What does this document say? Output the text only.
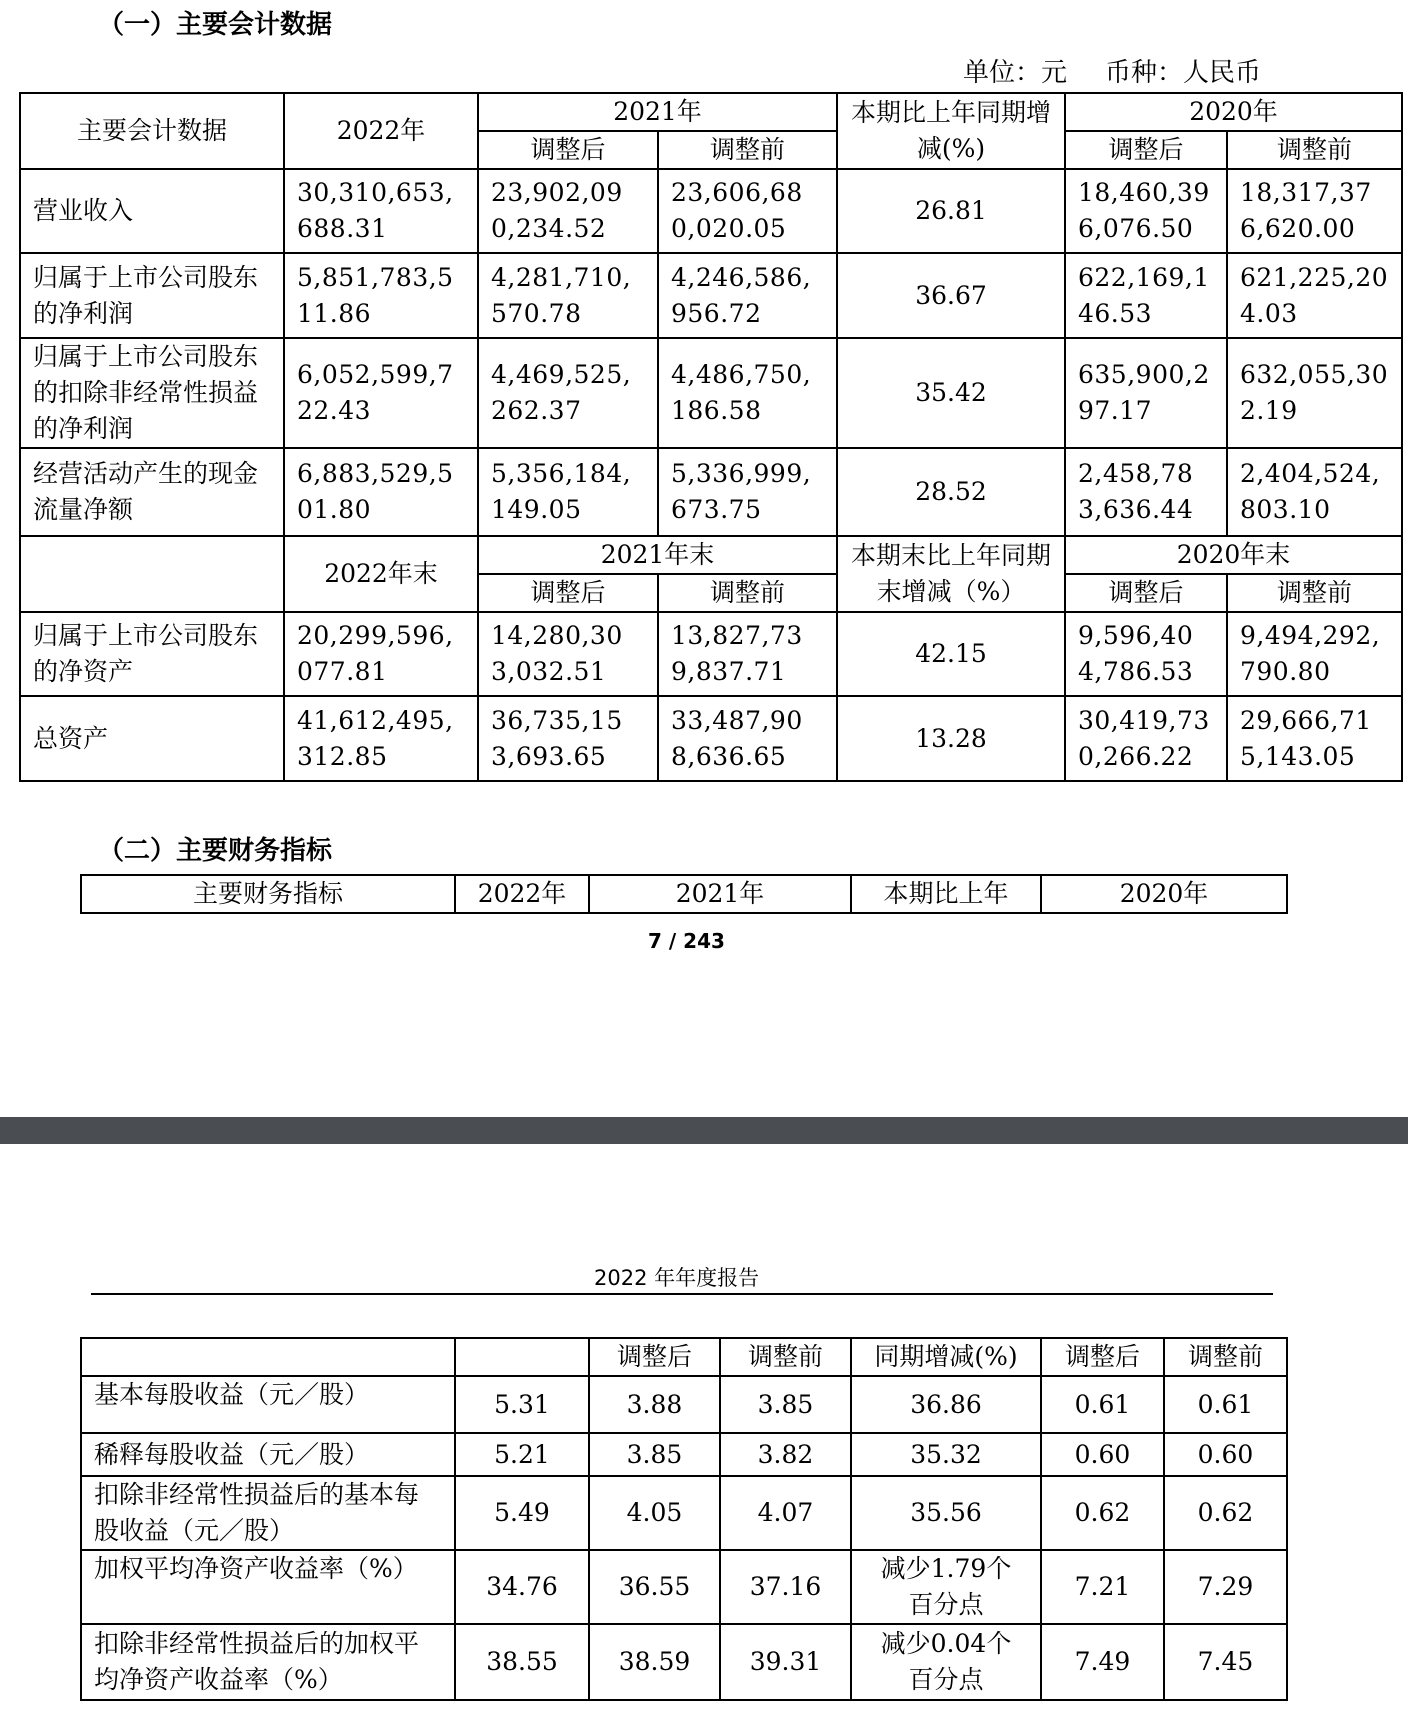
（一）主要会计数据
单位：元 币种：人民币
主要会计数据	2022年	2021年		本期比上年同期增减(%)	2020年	
		调整后	调整前		调整后	调整前
营业收入	30,310,653,688.31	23,902,090,234.52	23,606,680,020.05	26.81	18,460,396,076.50	18,317,376,620.00
归属于上市公司股东的净利润	5,851,783,511.86	4,281,710,570.78	4,246,586,956.72	36.67	622,169,146.53	621,225,204.03
归属于上市公司股东的扣除非经常性损益的净利润	6,052,599,722.43	4,469,525,262.37	4,486,750,186.58	35.42	635,900,297.17	632,055,302.19
经营活动产生的现金流量净额	6,883,529,501.80	5,356,184,149.05	5,336,999,673.75	28.52	2,458,783,636.44	2,404,524,803.10
	2022年末	2021年末		本期末比上年同期末增减（%）	2020年末	
		调整后	调整前		调整后	调整前
归属于上市公司股东的净资产	20,299,596,077.81	14,280,303,032.51	13,827,739,837.71	42.15	9,596,404,786.53	9,494,292,790.80
总资产	41,612,495,312.85	36,735,153,693.65	33,487,908,636.65	13.28	30,419,730,266.22	29,666,715,143.05
（二）主要财务指标
主要财务指标	2022年	2021年	本期比上年	2020年
7 / 243
2022 年年度报告
		调整后	调整前	同期增减(%)	调整后	调整前
基本每股收益（元／股）	5.31	3.88	3.85	36.86	0.61	0.61
稀释每股收益（元／股）	5.21	3.85	3.82	35.32	0.60	0.60
扣除非经常性损益后的基本每股收益（元／股）	5.49	4.05	4.07	35.56	0.62	0.62
加权平均净资产收益率（%）	34.76	36.55	37.16	减少1.79个百分点	7.21	7.29
扣除非经常性损益后的加权平均净资产收益率（%）	38.55	38.59	39.31	减少0.04个百分点	7.49	7.45
